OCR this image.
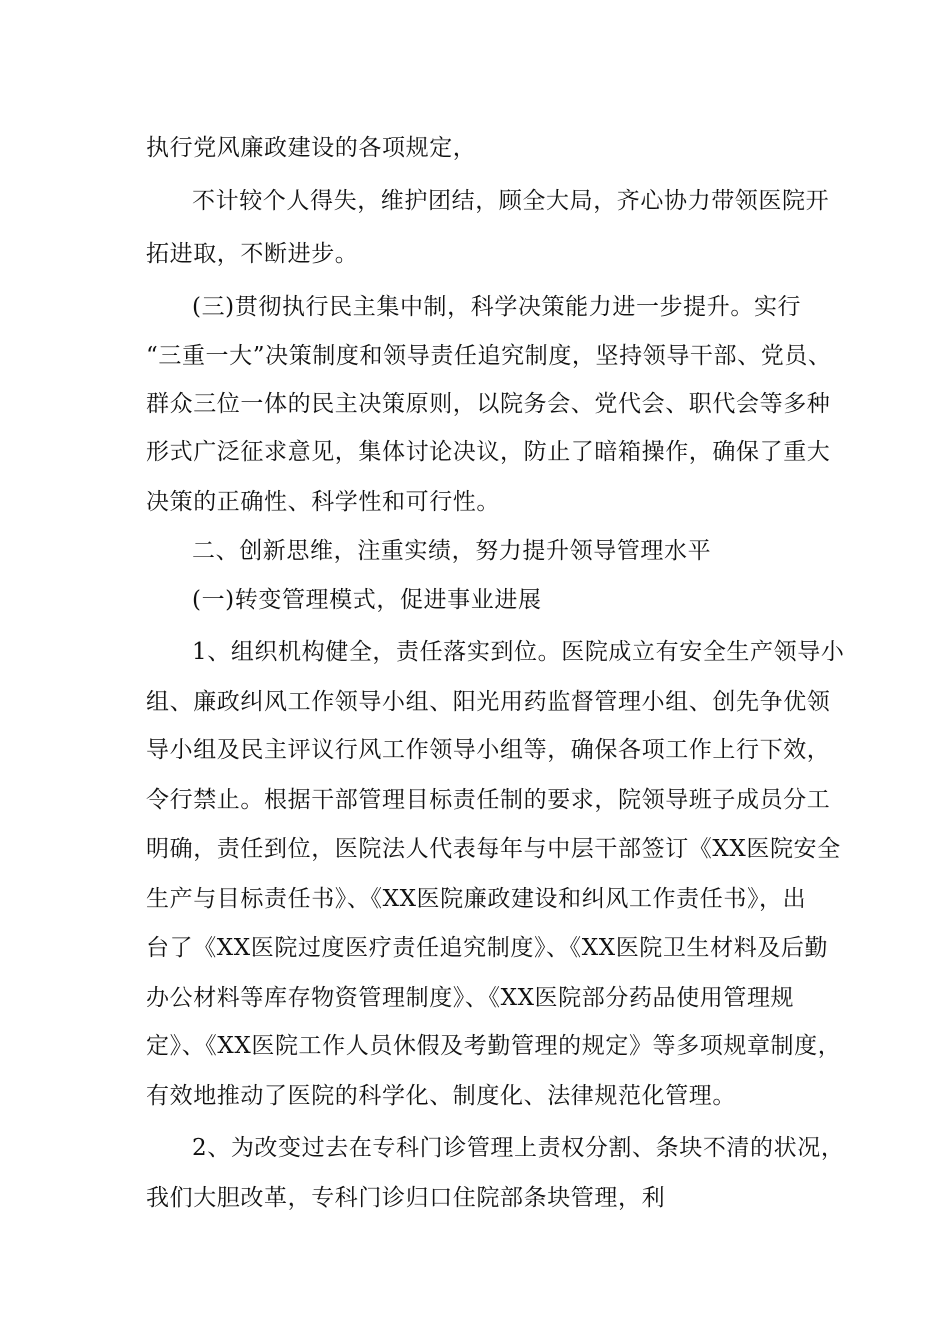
执行党风廉政建设的各项规定，
不计较个人得失，维护团结，顾全大局，齐心协力带领医院开
拓进取，不断进步。
(三)贯彻执行民主集中制，科学决策能力进一步提升。实行
“三重一大”决策制度和领导责任追究制度，坚持领导干部、党员、
群众三位一体的民主决策原则，以院务会、党代会、职代会等多种
形式广泛征求意见，集体讨论决议，防止了暗箱操作，确保了重大
决策的正确性、科学性和可行性。
二、创新思维，注重实绩，努力提升领导管理水平
(一)转变管理模式，促进事业进展
1、组织机构健全，责任落实到位。医院成立有安全生产领导小
组、廉政纠风工作领导小组、阳光用药监督管理小组、创先争优领
导小组及民主评议行风工作领导小组等，确保各项工作上行下效，
令行禁止。根据干部管理目标责任制的要求，院领导班子成员分工
明确，责任到位，医院法人代表每年与中层干部签订《XX医院安全
生产与目标责任书》、《XX医院廉政建设和纠风工作责任书》，出
台了《XX医院过度医疗责任追究制度》、《XX医院卫生材料及后勤
办公材料等库存物资管理制度》、《XX医院部分药品使用管理规
定》、《XX医院工作人员休假及考勤管理的规定》等多项规章制度，
有效地推动了医院的科学化、制度化、法律规范化管理。
2、为改变过去在专科门诊管理上责权分割、条块不清的状况，
我们大胆改革，专科门诊归口住院部条块管理，利
